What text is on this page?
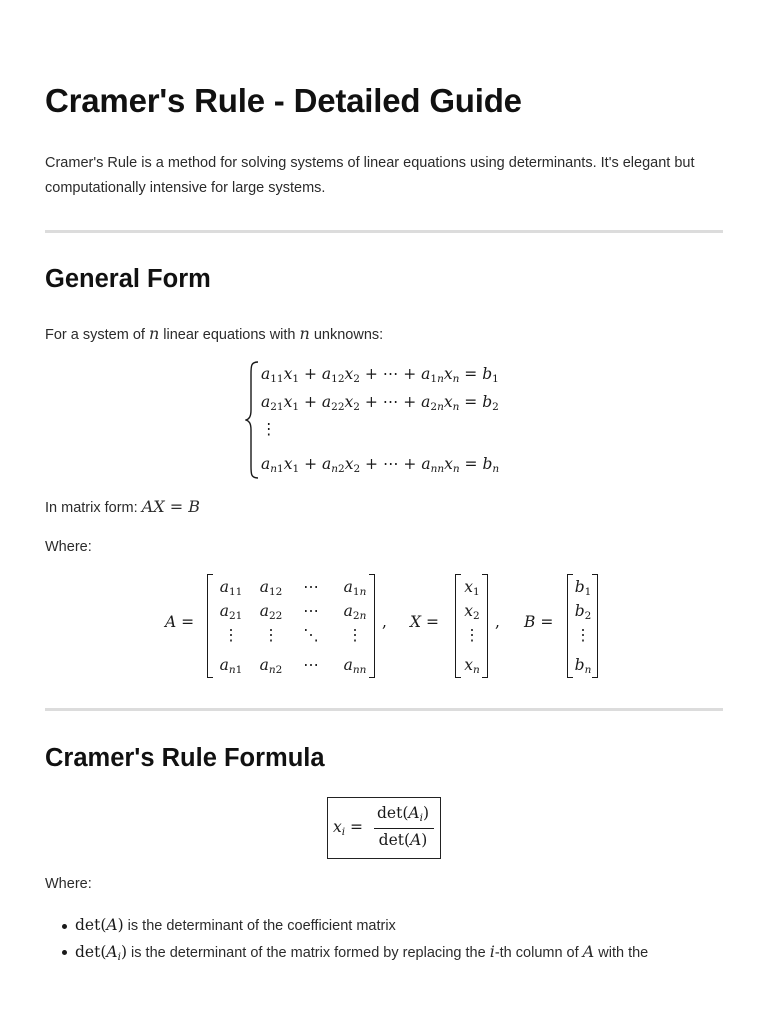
Cramer's Rule - Detailed Guide
Cramer's Rule is a method for solving systems of linear equations using determinants. It's elegant but computationally intensive for large systems.
General Form
For a system of n linear equations with n unknowns:
$a_{11}x_1 + a_{12}x_2$ + ⋯ + $a_{1n}x_n = b_1$
$a_{21}x_1 + a_{22}x_2$ + ⋯ + $a_{2n}x_n = b_2$
⋮
$a_{n1}x_1 + a_{n2}x_2$ + ⋯ + $a_{nn}x_n = b_n$
In matrix form: AX = B
Where:
A =
$a_{11}$	$a_{12}$	⋯	$a_{1n}$
$a_{21}$	$a_{22}$	⋯	$a_{2n}$
⋮	⋮	⋱	⋮
$a_{n1}$	$a_{n2}$	⋯	$a_{nn}$
, X =
$x_1$
$x_2$
⋮
$x_n$
, B =
$b_1$
$b_2$
⋮
$b_n$
Cramer's Rule Formula
$x_i$ =
$\det(A_i)$
det(A)
Where:
det(A) is the determinant of the coefficient matrix
$\det(A_i)$ is the determinant of the matrix formed by replacing the i-th column of A with the
